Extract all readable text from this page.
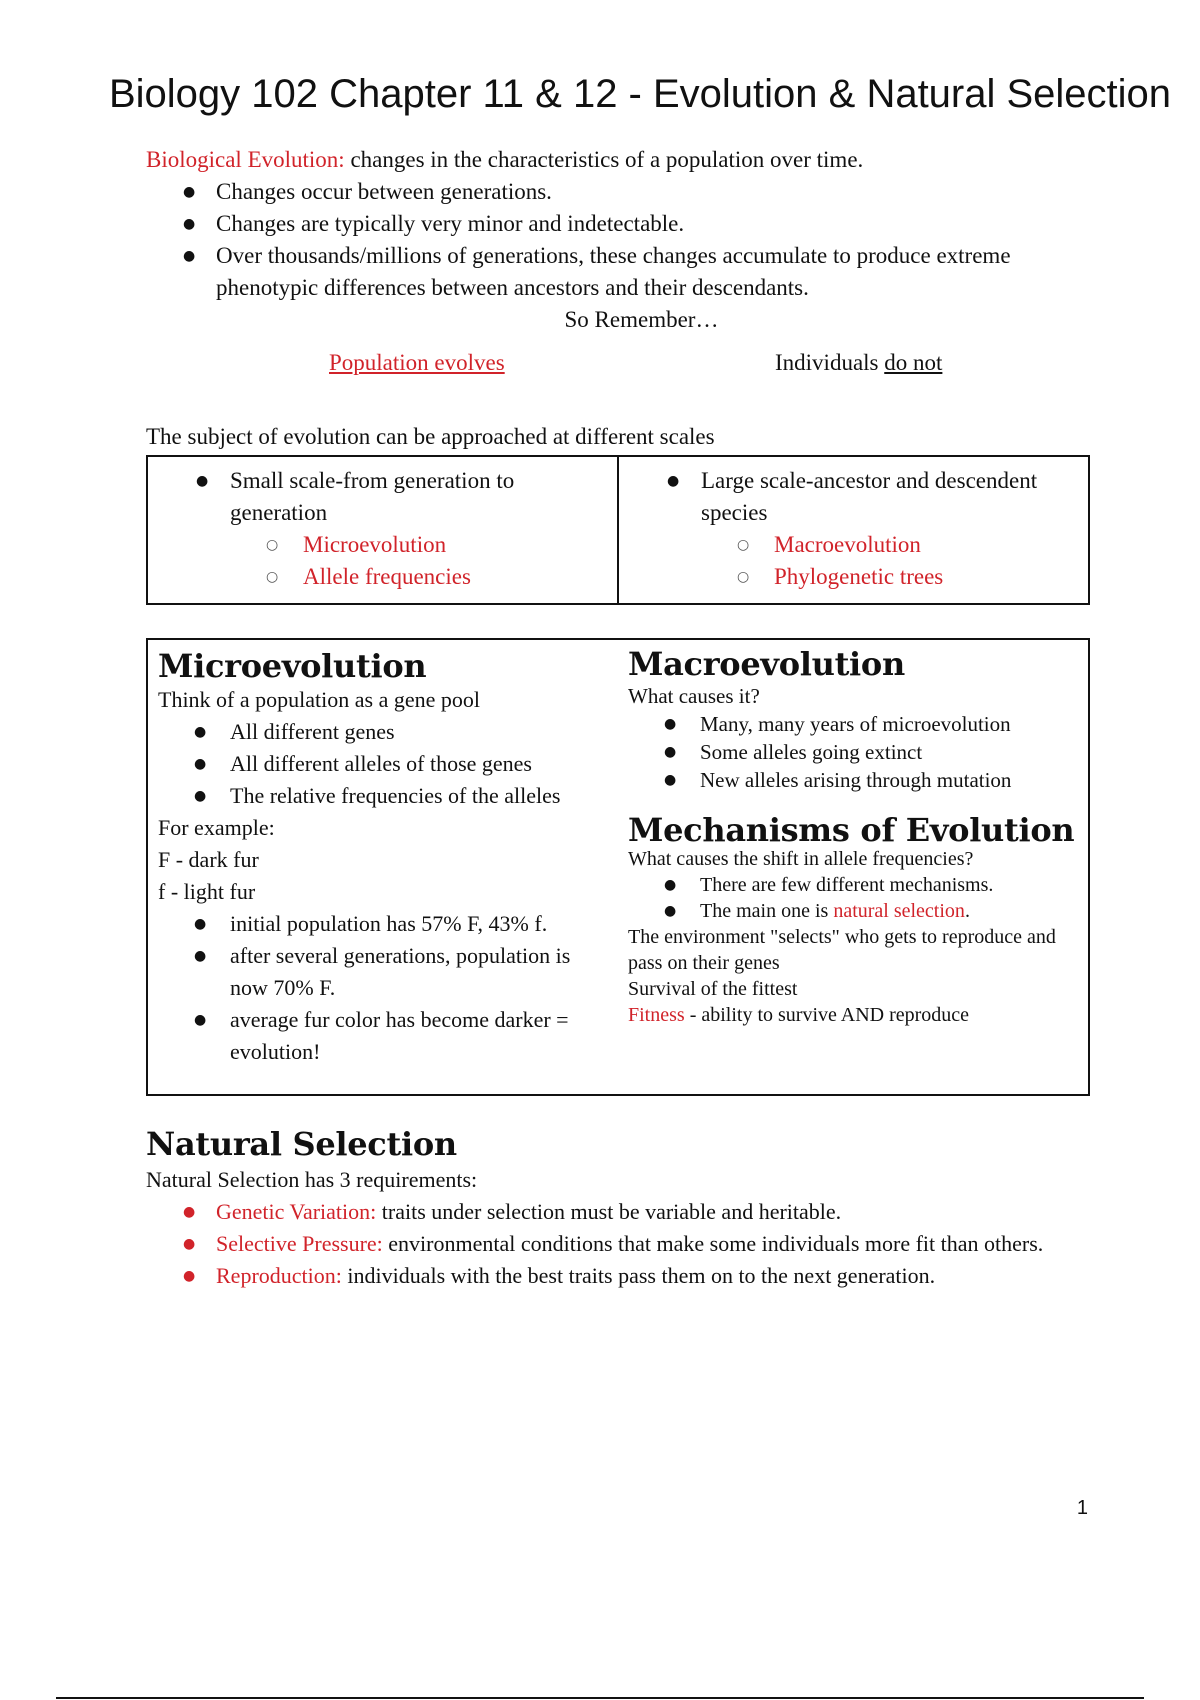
Biology 102 Chapter 11 & 12 - Evolution & Natural Selection

Biological Evolution: changes in the characteristics of a population over time.

● Changes occur between generations.
● Changes are typically very minor and indetectable.
● Over thousands/millions of generations, these changes accumulate to produce extreme phenotypic differences between ancestors and their descendants.
So Remember…
Population evolves	Individuals do not
The subject of evolution can be approached at different scales
● Small scale-from generation to generation
○ Microevolution
○ Allele frequencies
● Large scale-ancestor and descendent species
○ Macroevolution
○ Phylogenetic trees
Microevolution

Think of a population as a gene pool

● All different genes
● All different alleles of those genes
● The relative frequencies of the alleles

For example:

F - dark fur

f - light fur

● initial population has 57% F, 43% f.
● after several generations, population is now 70% F.
● average fur color has become darker = evolution!
Macroevolution

What causes it?

● Many, many years of microevolution
● Some alleles going extinct
● New alleles arising through mutation
Mechanisms of Evolution

What causes the shift in allele frequencies?

● There are few different mechanisms.
● The main one is natural selection.

The environment "selects" who gets to reproduce and pass on their genes

Survival of the fittest

Fitness - ability to survive AND reproduce

Natural Selection

Natural Selection has 3 requirements:

● Genetic Variation: traits under selection must be variable and heritable.
● Selective Pressure: environmental conditions that make some individuals more fit than others.
● Reproduction: individuals with the best traits pass them on to the next generation.
1
